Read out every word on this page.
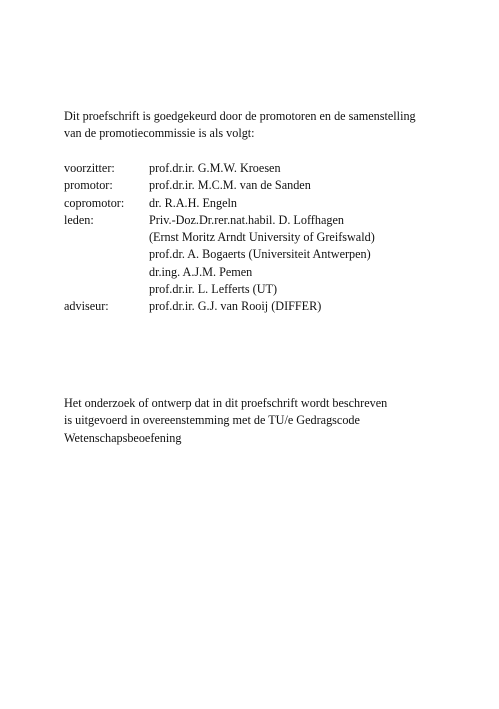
Dit proefschrift is goedgekeurd door de promotoren en de samenstelling

van de promotiecommissie is als volgt:

voorzitter:	prof.dr.ir. G.M.W. Kroesen
promotor:	prof.dr.ir. M.C.M. van de Sanden
copromotor:	dr. R.A.H. Engeln
leden:	Priv.-Doz.Dr.rer.nat.habil. D. Loffhagen
(Ernst Moritz Arndt University of Greifswald)
prof.dr. A. Bogaerts (Universiteit Antwerpen)
dr.ing. A.J.M. Pemen
prof.dr.ir. L. Lefferts (UT)
adviseur:	prof.dr.ir. G.J. van Rooij (DIFFER)

Het onderzoek of ontwerp dat in dit proefschrift wordt beschreven

is uitgevoerd in overeenstemming met de TU/e Gedragscode

Wetenschapsbeoefening
